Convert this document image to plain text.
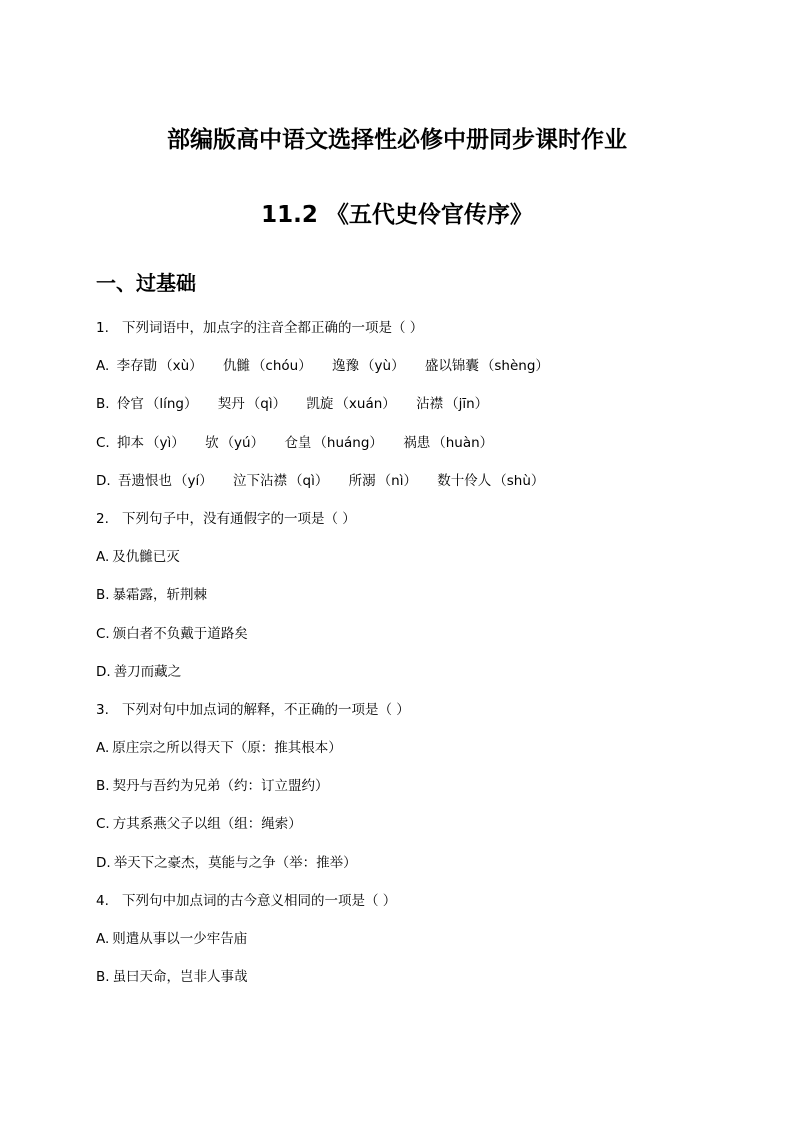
部编版高中语文选择性必修中册同步课时作业
11.2 《五代史伶官传序》
一、过基础
1. 下列词语中，加点字的注音全都正确的一项是（ ）
A. 李存勖 （xù） 仇雠 （chóu） 逸豫 （yù） 盛以锦囊 （shèng）
B. 伶官 （líng） 契丹 （qì） 凯旋 （xuán） 沾襟 （jīn）
C. 抑本 （yì） 欤 （yú） 仓皇 （huáng） 祸患 （huàn）
D. 吾遗恨也 （yí） 泣下沾襟 （qì） 所溺 （nì） 数十伶人 （shù）
2. 下列句子中，没有通假字的一项是（ ）
A. 及仇雠已灭
B. 暴霜露，斩荆棘
C. 颁白者不负戴于道路矣
D. 善刀而藏之
3. 下列对句中加点词的解释，不正确的一项是（ ）
A. 原庄宗之所以得天下（原：推其根本）
B. 契丹与吾约为兄弟（约：订立盟约）
C. 方其系燕父子以组（组：绳索）
D. 举天下之豪杰，莫能与之争（举：推举）
4. 下列句中加点词的古今意义相同的一项是（ ）
A. 则遣从事以一少牢告庙
B. 虽曰天命，岂非人事哉
